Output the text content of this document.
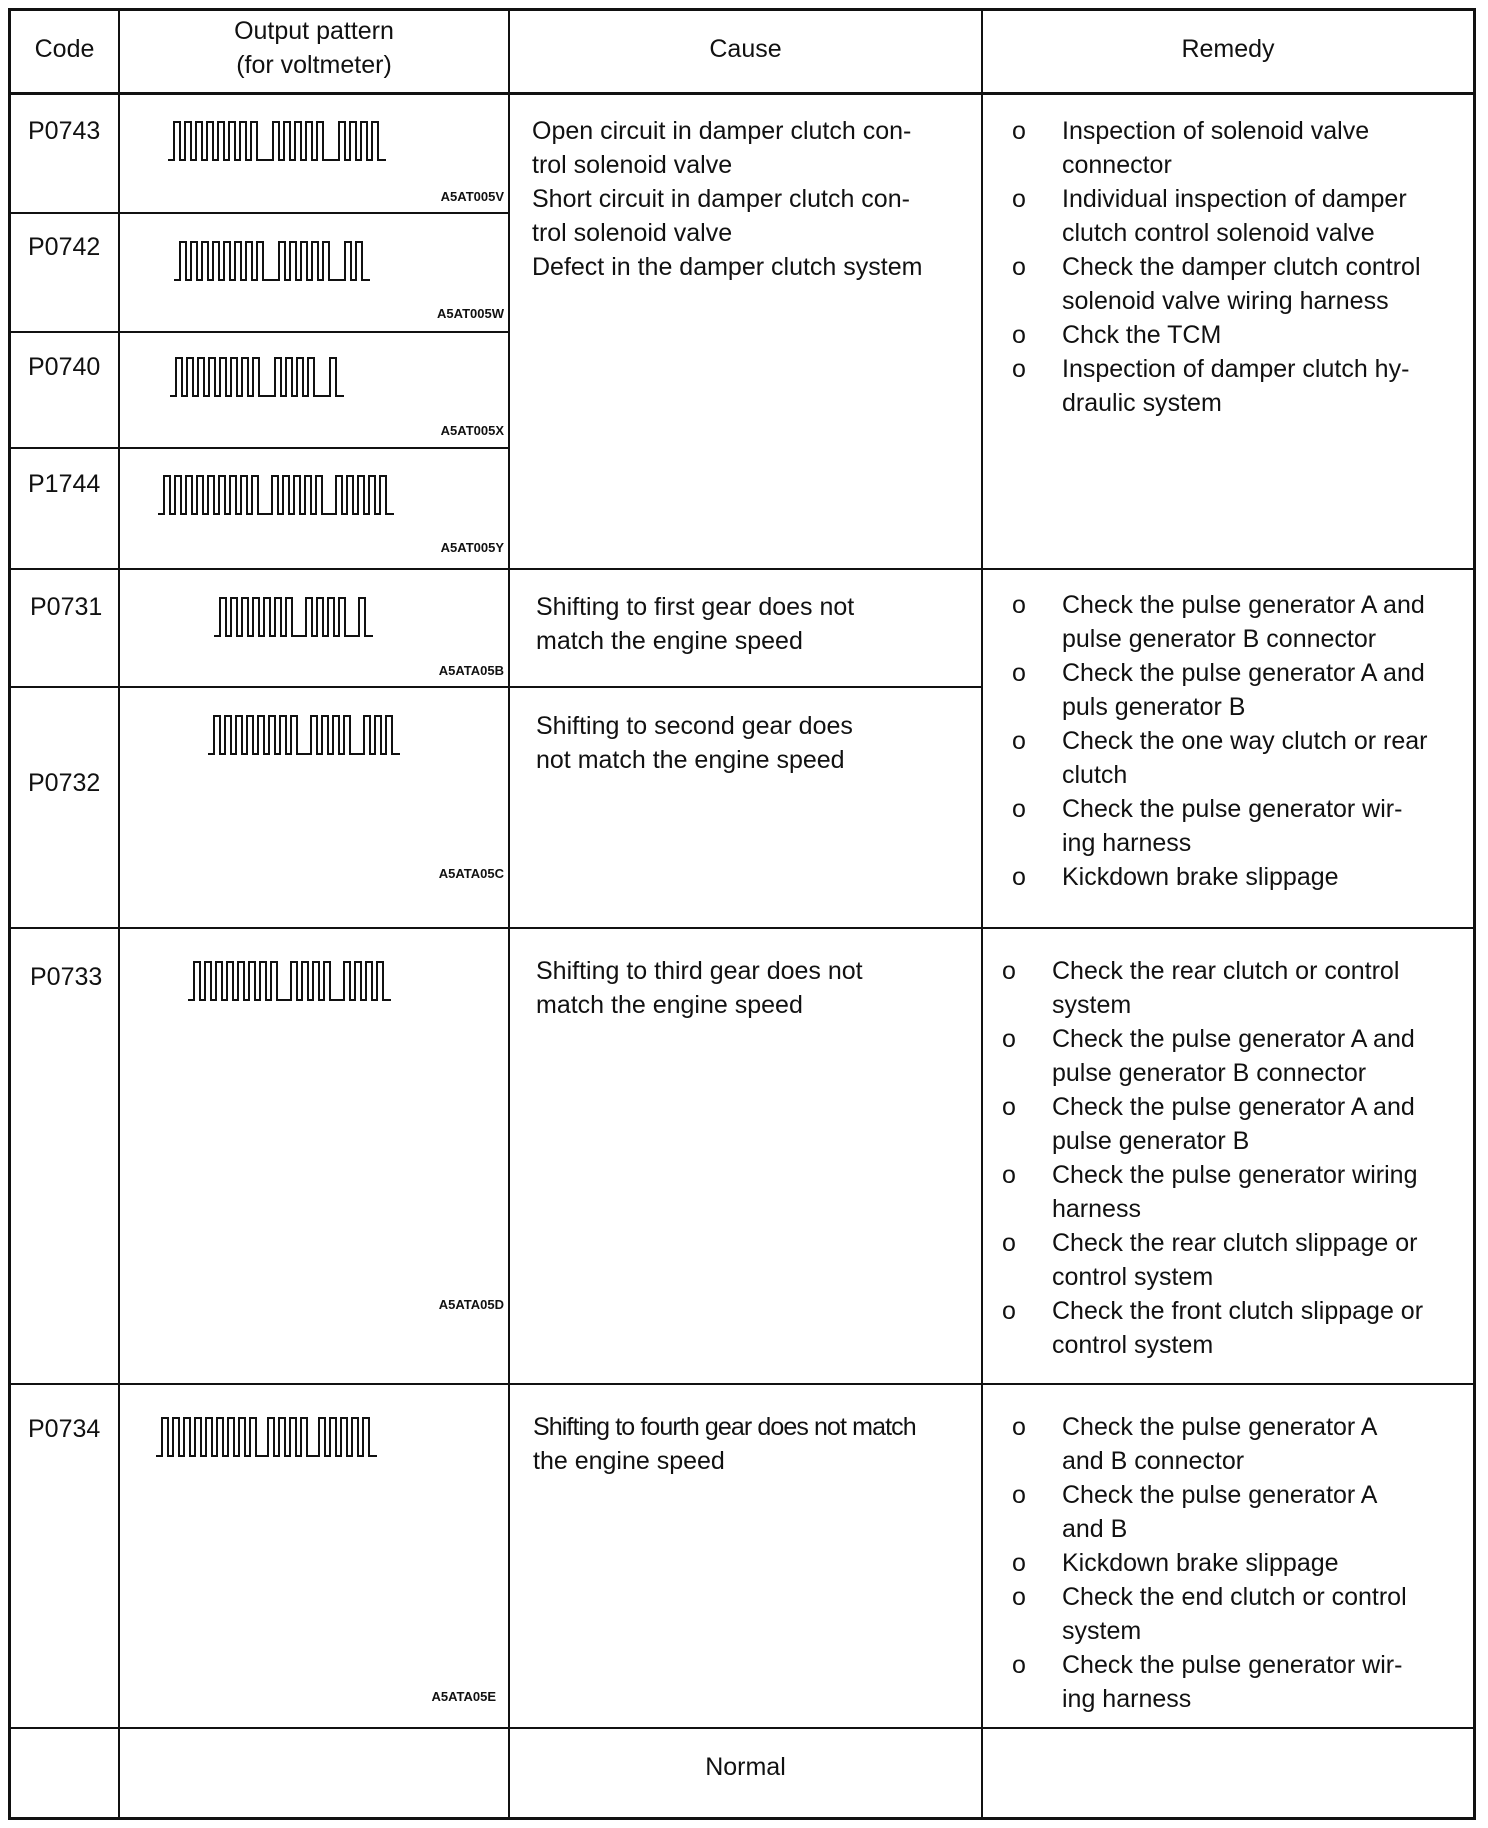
Code
Output pattern
(for voltmeter)
Cause	Remedy
P0743
A5AT005V
P0742
A5AT005W
P0740
A5AT005X
P1744
A5AT005Y
Open circuit in damper clutch con-
trol solenoid valve
Short circuit in damper clutch con-
trol solenoid valve
Defect in the damper clutch system
o Inspection of solenoid valve
connector
o Individual inspection of damper
clutch control solenoid valve
o Check the damper clutch control
solenoid valve wiring harness
o Chck the TCM
o Inspection of damper clutch hy-
draulic system
P0731
A5ATA05B
Shifting to first gear does not
match the engine speed
P0732
A5ATA05C
Shifting to second gear does
not match the engine speed
o Check the pulse generator A and
pulse generator B connector
o Check the pulse generator A and
puls generator B
o Check the one way clutch or rear
clutch
o Check the pulse generator wir-
ing harness
o Kickdown brake slippage
P0733
A5ATA05D
Shifting to third gear does not
match the engine speed
o Check the rear clutch or control
system
o Check the pulse generator A and
pulse generator B connector
o Check the pulse generator A and
pulse generator B
o Check the pulse generator wiring
harness
o Check the rear clutch slippage or
control system
o Check the front clutch slippage or
control system
P0734
A5ATA05E
Shifting to fourth gear does not match
the engine speed
o Check the pulse generator A
and B connector
o Check the pulse generator A
and B
o Kickdown brake slippage
o Check the end clutch or control
system
o Check the pulse generator wir-
ing harness
Normal
